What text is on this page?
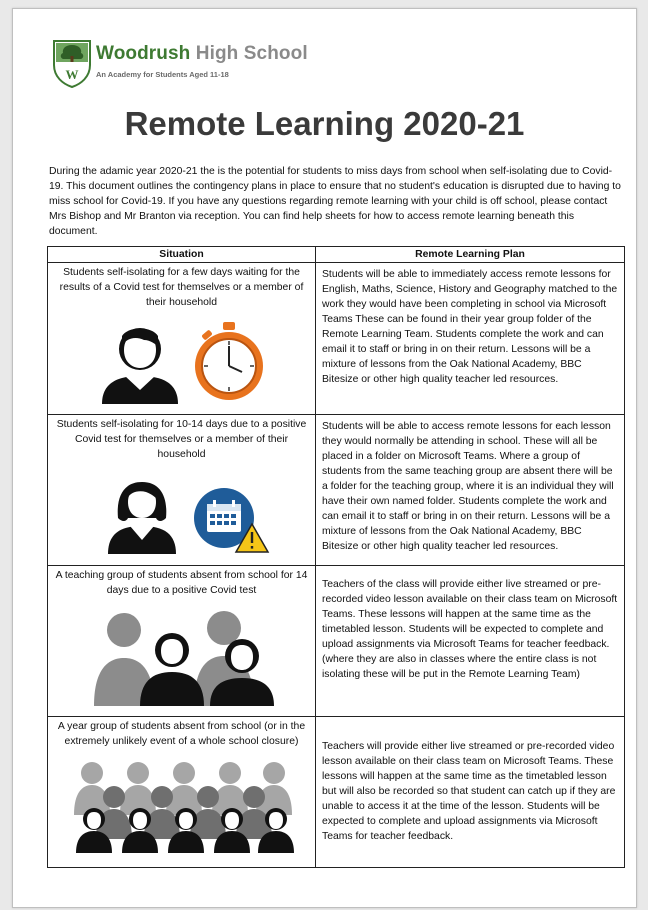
W
Woodrush High School
An Academy for Students Aged 11-18
Remote Learning 2020-21
During the adamic year 2020-21 the is the potential for students to miss days from school when self-isolating due to Covid-19. This document outlines the contingency plans in place to ensure that no student's education is disrupted due to having to miss school for Covid-19. If you have any questions regarding remote learning with your child is off school, please contact Mrs Bishop and Mr Branton via reception. You can find help sheets for how to access remote learning beneath this document.
Situation	Remote Learning Plan

Students self-isolating for a few days waiting for the results of a Covid test for themselves or a member of their household	Students will be able to immediately access remote lessons for English, Maths, Science, History and Geography matched to the work they would have been completing in school via Microsoft Teams These can be found in their year group folder of the Remote Learning Team. Students complete the work and can email it to staff or bring in on their return. Lessons will be a mixture of lessons from the Oak National Academy, BBC Bitesize or other high quality teacher led resources.

Students self-isolating for 10-14 days due to a positive Covid test for themselves or a member of their household	Students will be able to access remote lessons for each lesson they would normally be attending in school. These will all be placed in a folder on Microsoft Teams. Where a group of students from the same teaching group are absent there will be a folder for the teaching group, where it is an individual they will have their own named folder. Students complete the work and can email it to staff or bring in on their return. Lessons will be a mixture of lessons from the Oak National Academy, BBC Bitesize or other high quality teacher led resources.

A teaching group of students absent from school for 14 days due to a positive Covid test	Teachers of the class will provide either live streamed or pre-recorded video lesson available on their class team on Microsoft Teams. These lessons will happen at the same time as the timetabled lesson. Students will be expected to complete and upload assignments via Microsoft Teams for teacher feedback. (where they are also in classes where the entire class is not isolating these will be put in the Remote Learning Team)

A year group of students absent from school (or in the extremely unlikely event of a whole school closure)	Teachers will provide either live streamed or pre-recorded video lesson available on their class team on Microsoft Teams. These lessons will happen at the same time as the timetabled lesson but will also be recorded so that student can catch up if they are unable to access it at the time of the lesson. Students will be expected to complete and upload assignments via Microsoft Teams for teacher feedback.
